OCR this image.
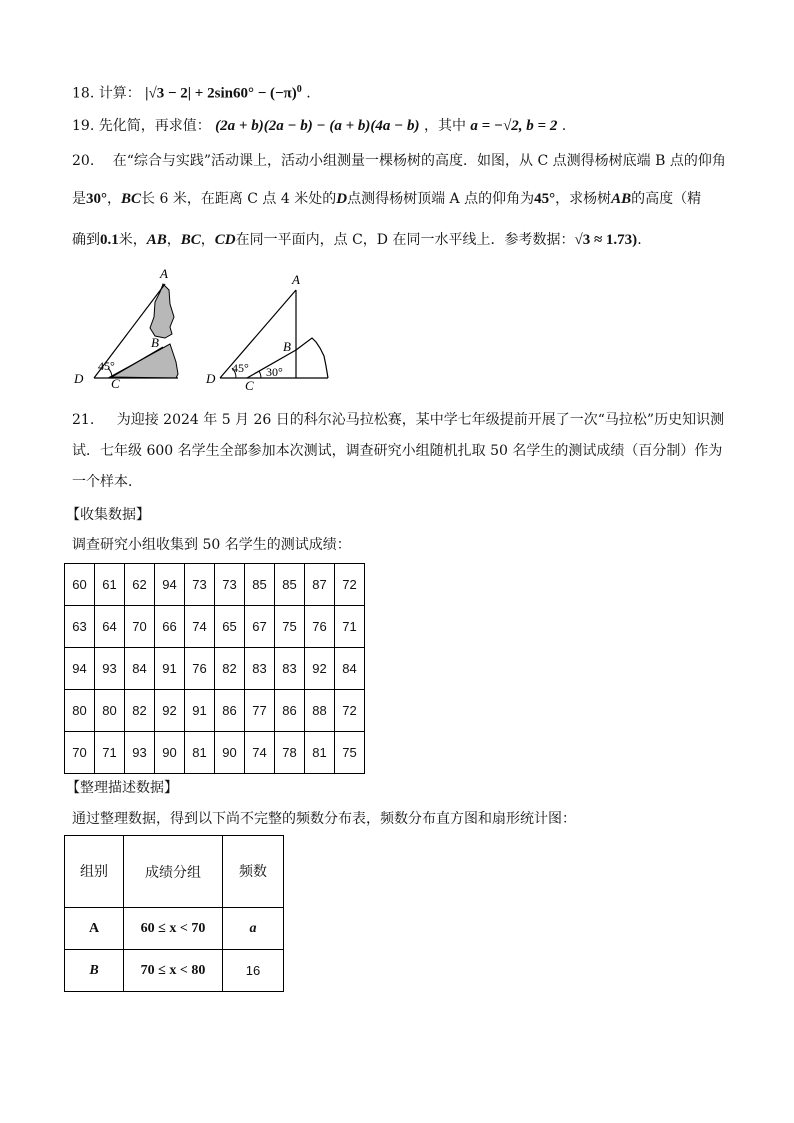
18. 计算： $|√3 - 2| + 2\sin 60^\circ - (-\pi)^0$ .
19. 先化简，再求值： (2a + b)(2a − b) − (a + b)(4a − b) ，其中 a = −√2, b = 2 .
20. 在“综合与实践”活动课上，活动小组测量一棵杨树的高度．如图，从 C 点测得杨树底端 B 点的仰角
是30°，BC长 6 米，在距离 C 点 4 米处的D点测得杨树顶端 A 点的仰角为45°，求杨树AB的高度（精
确到0.1米，AB，BC，CD在同一平面内，点 C，D 在同一水平线上．参考数据：√3 ≈ 1.73).
A
B
C
D
45°
A
B
C
D
45° 30°
21. 为迎接 2024 年 5 月 26 日的科尔沁马拉松赛，某中学七年级提前开展了一次“马拉松”历史知识测
试．七年级 600 名学生全部参加本次测试，调查研究小组随机扎取 50 名学生的测试成绩（百分制）作为
一个样本．
【收集数据】
调查研究小组收集到 50 名学生的测试成绩：
60	61	62	94	73	73	85	85	87	72
63	64	70	66	74	65	67	75	76	71
94	93	84	91	76	82	83	83	92	84
80	80	82	92	91	86	77	86	88	72
70	71	93	90	81	90	74	78	81	75
【整理描述数据】
通过整理数据，得到以下尚不完整的频数分布表，频数分布直方图和扇形统计图：
组别	成绩分组	频数
A	60 ≤ x < 70	a
B	70 ≤ x < 80	16
